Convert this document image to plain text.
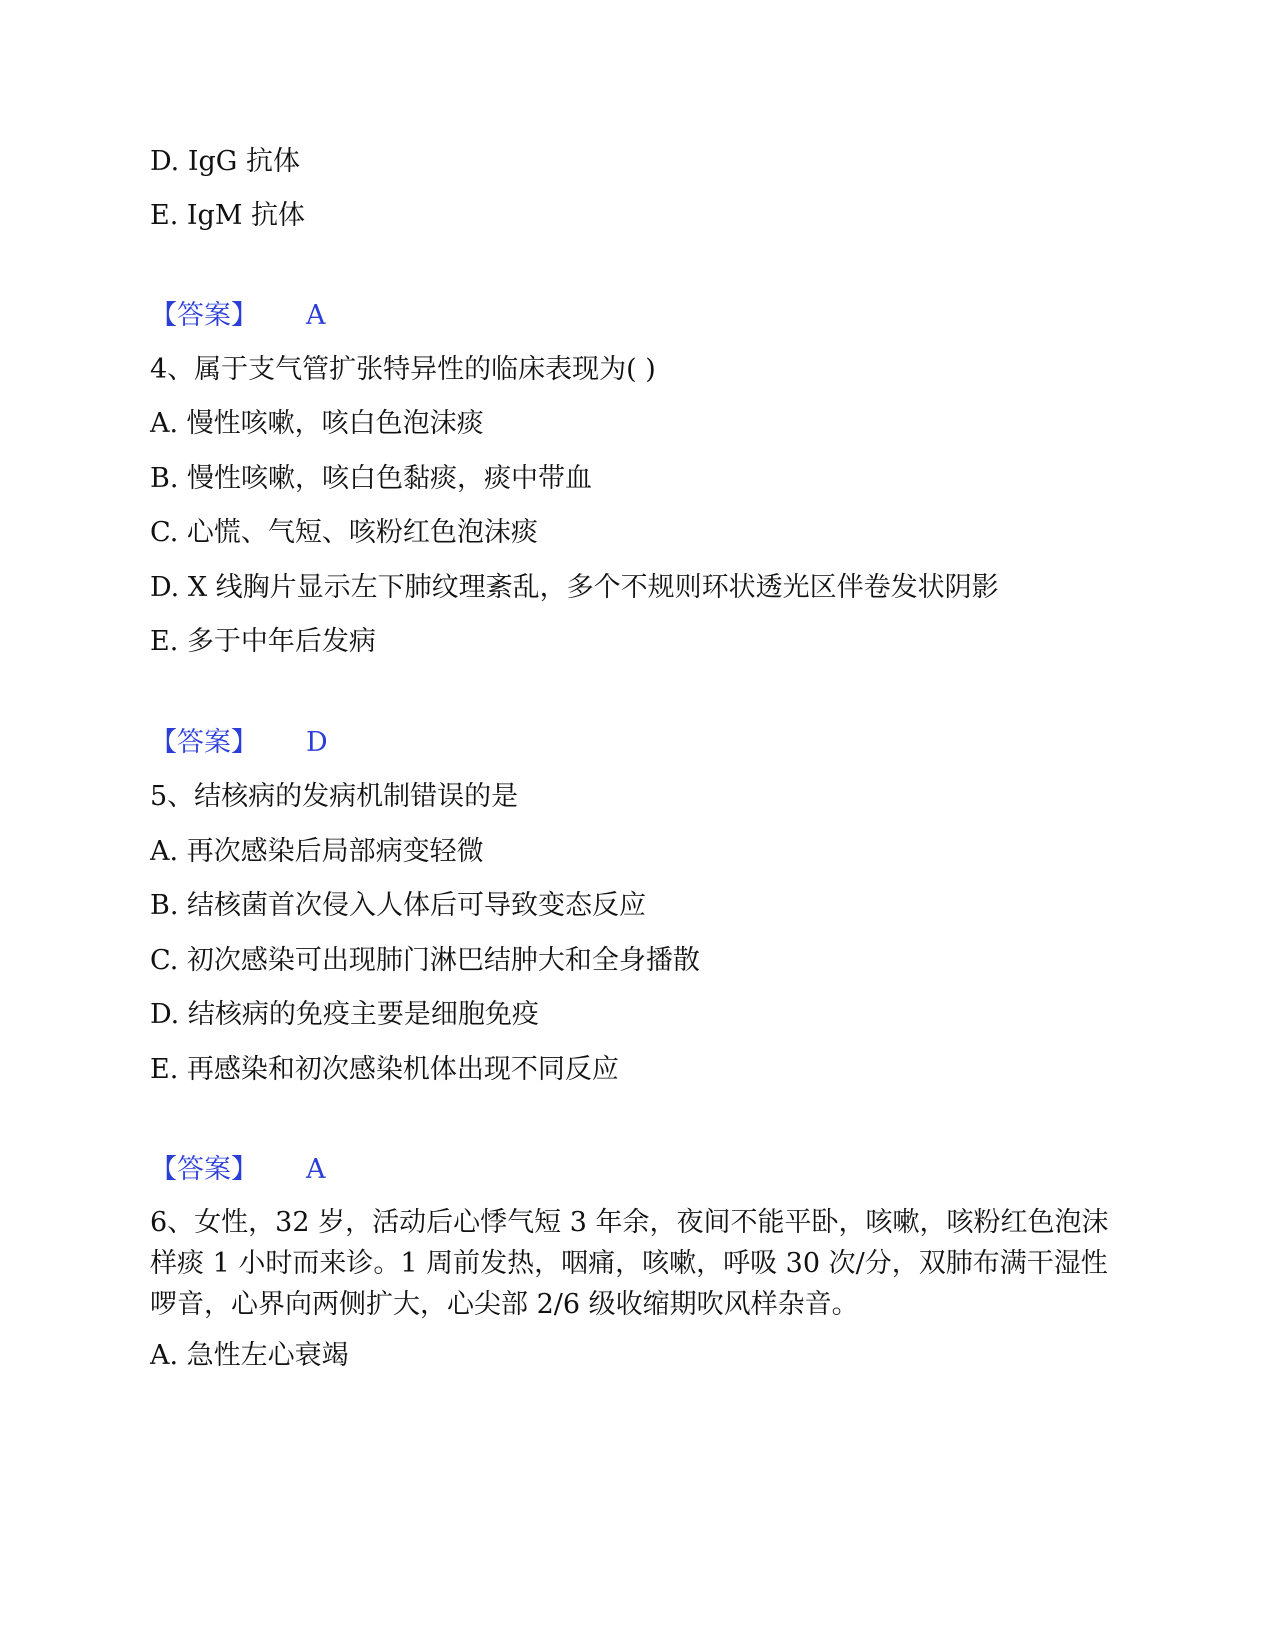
D. IgG 抗体
E. IgM 抗体
【答案】 A
4、属于支气管扩张特异性的临床表现为( )
A. 慢性咳嗽，咳白色泡沫痰
B. 慢性咳嗽，咳白色黏痰，痰中带血
C. 心慌、气短、咳粉红色泡沫痰
D. X 线胸片显示左下肺纹理紊乱，多个不规则环状透光区伴卷发状阴影
E. 多于中年后发病
【答案】 D
5、结核病的发病机制错误的是
A. 再次感染后局部病变轻微
B. 结核菌首次侵入人体后可导致变态反应
C. 初次感染可出现肺门淋巴结肿大和全身播散
D. 结核病的免疫主要是细胞免疫
E. 再感染和初次感染机体出现不同反应
【答案】 A
6、女性，32 岁，活动后心悸气短 3 年余，夜间不能平卧，咳嗽，咳粉红色泡沫样痰 1 小时而来诊。1 周前发热，咽痛，咳嗽，呼吸 30 次/分，双肺布满干湿性啰音，心界向两侧扩大，心尖部 2/6 级收缩期吹风样杂音。
A. 急性左心衰竭
